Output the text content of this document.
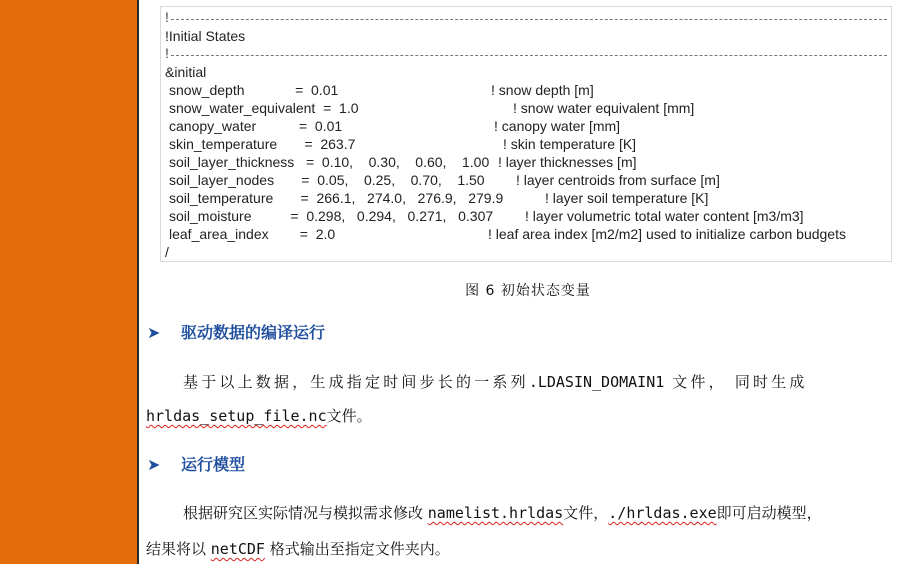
!
!Initial States
!
&initial
snow_depth             =  0.01	! snow depth [m]
snow_water_equivalent  =  1.0	! snow water equivalent [mm]
canopy_water           =  0.01	! canopy water [mm]
skin_temperature       =  263.7	! skin temperature [K]
soil_layer_thickness   =  0.10,    0.30,    0.60,    1.00 ! layer thicknesses [m]
soil_layer_nodes       =  0.05,    0.25,    0.70,    1.50 ! layer centroids from surface [m]
soil_temperature       =  266.1,   274.0,   276.9,   279.9	! layer soil temperature [K]
soil_moisture          =  0.298,   0.294,   0.271,   0.307 ! layer volumetric total water content [m3/m3]
leaf_area_index        =  2.0	! leaf area index [m2/m2] used to initialize carbon budgets
/
图 6 初始状态变量
➤ 驱动数据的编译运行
基于以上数据，生成指定时间步长的一系列.LDASIN_DOMAIN1 文件， 同时生成
hrldas_setup_file.nc文件。
➤ 运行模型
根据研究区实际情况与模拟需求修改 namelist.hrldas文件，./hrldas.exe即可启动模型，
结果将以 netCDF 格式输出至指定文件夹内。
